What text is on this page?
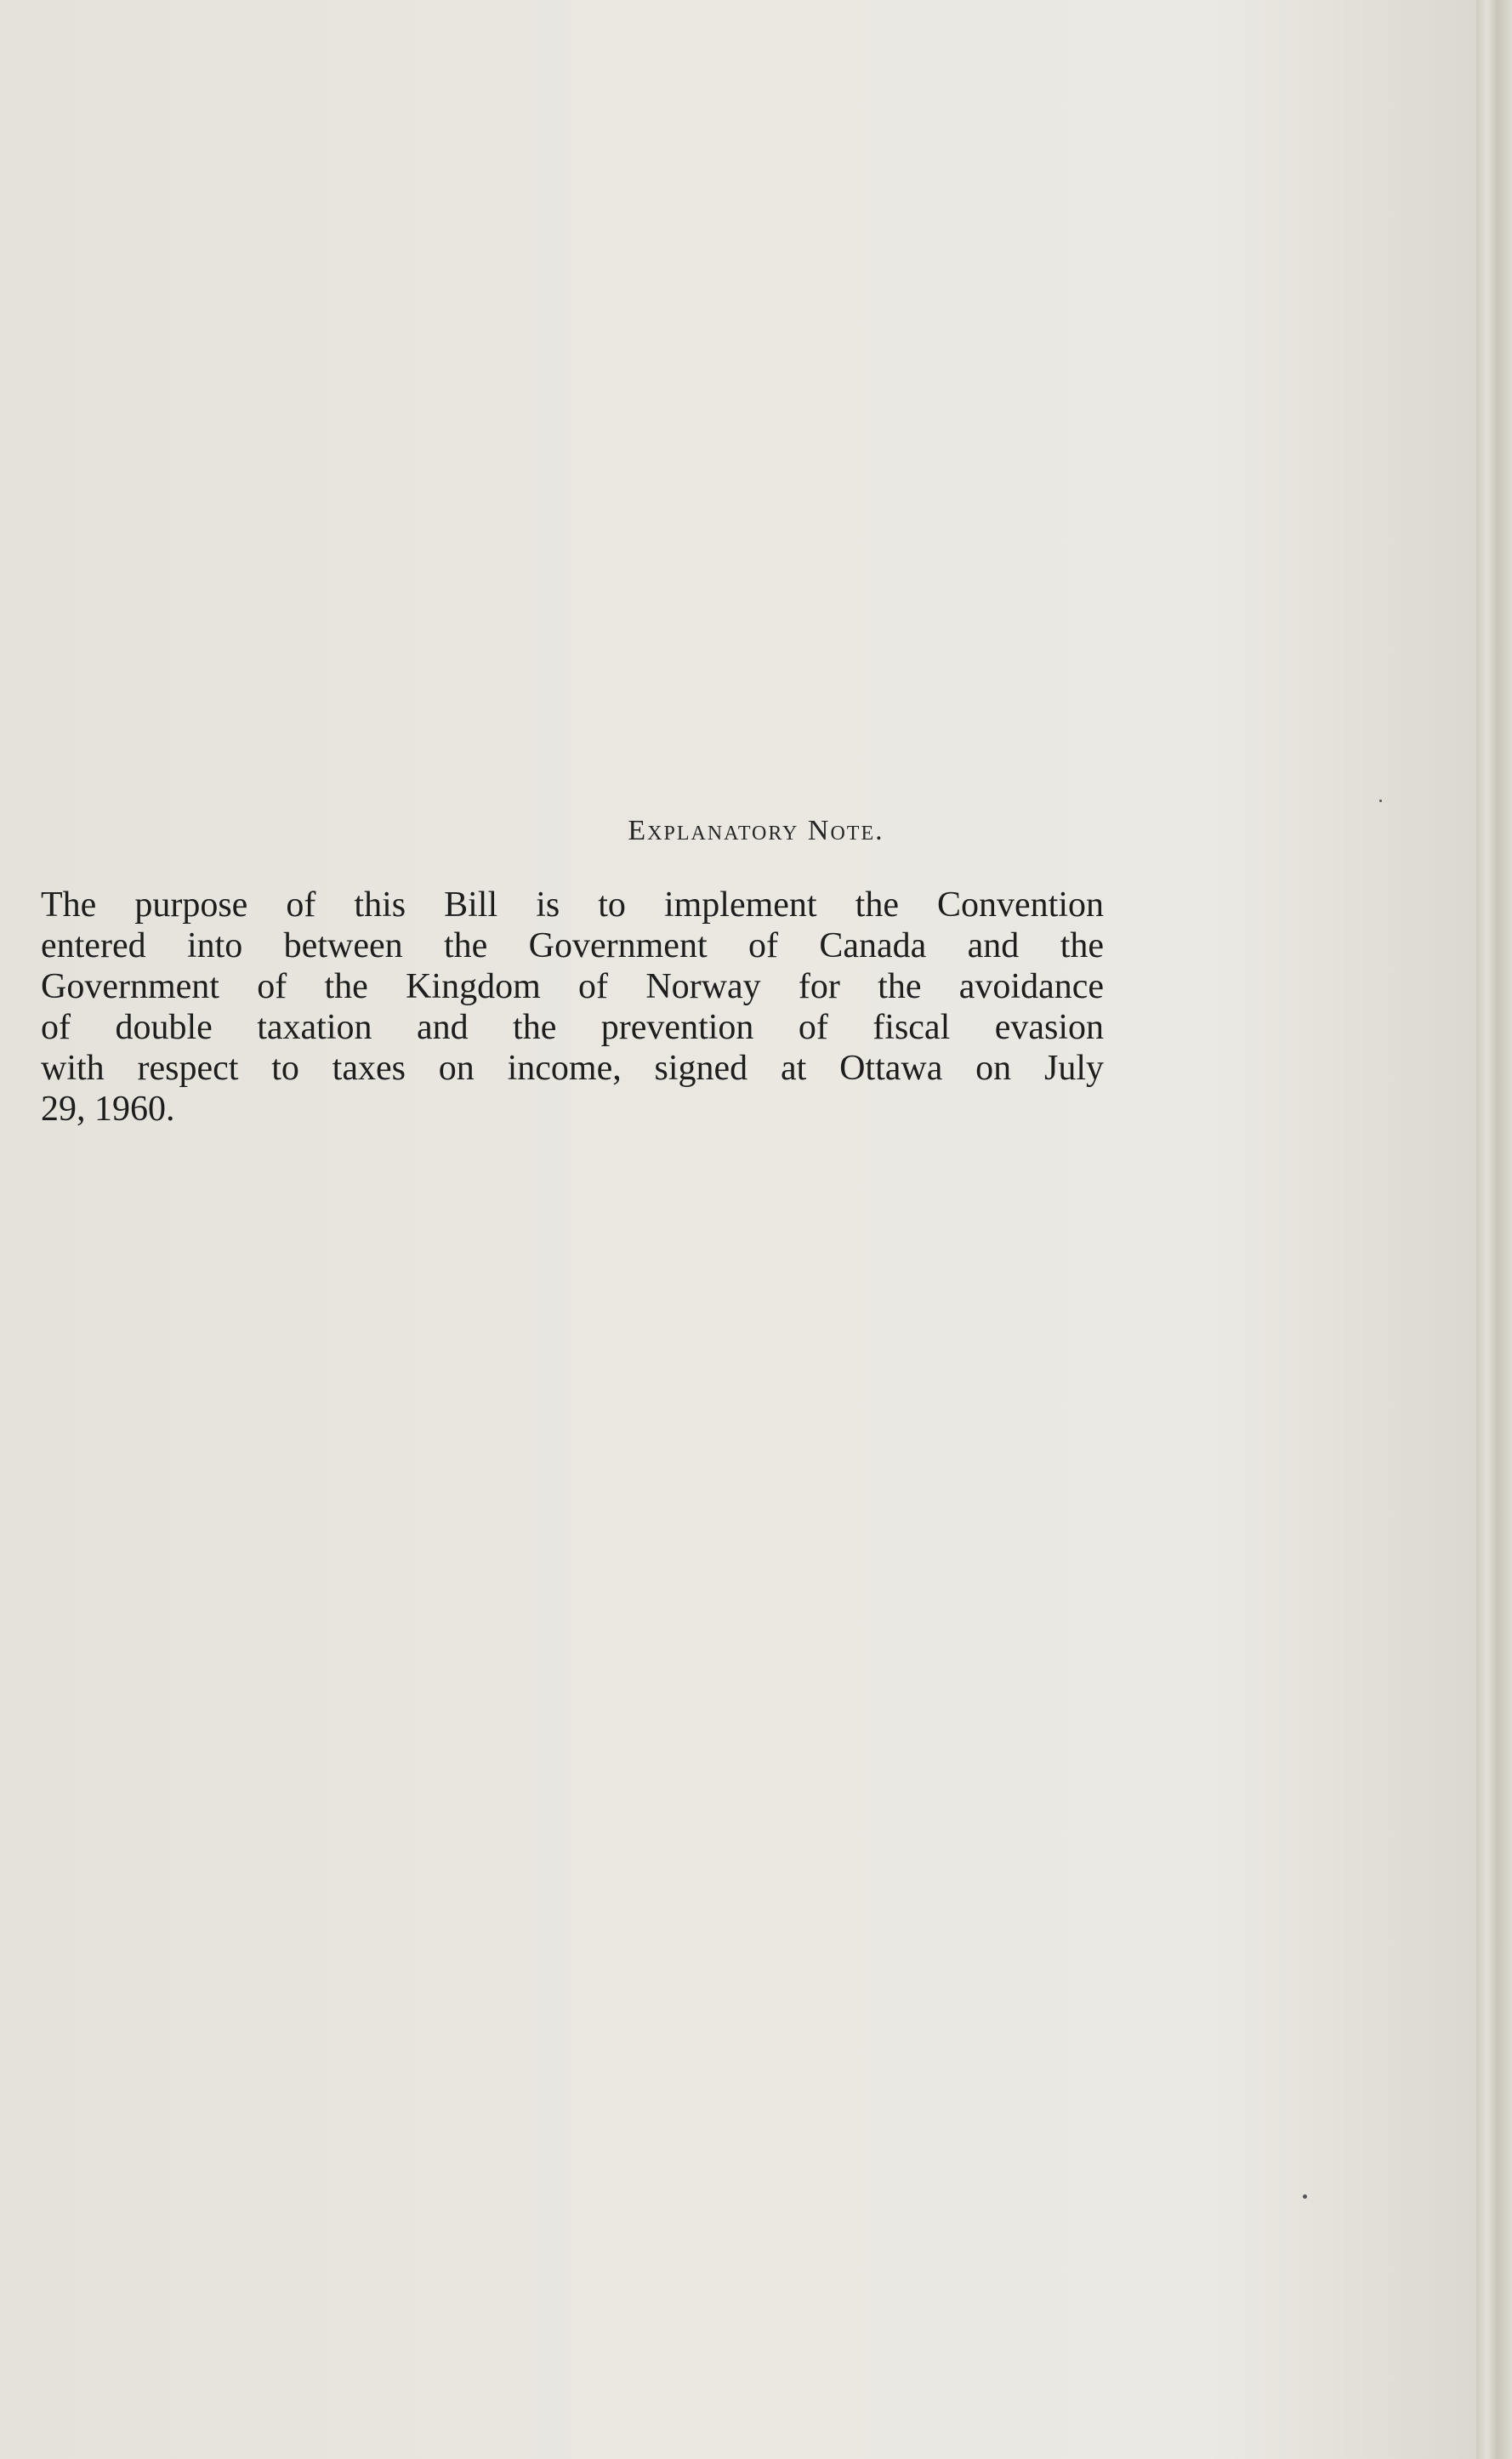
Explanatory Note.
The purpose of this Bill is to implement the Convention
entered into between the Government of Canada and the
Government of the Kingdom of Norway for the avoidance
of double taxation and the prevention of fiscal evasion
with respect to taxes on income, signed at Ottawa on July
29, 1960.
